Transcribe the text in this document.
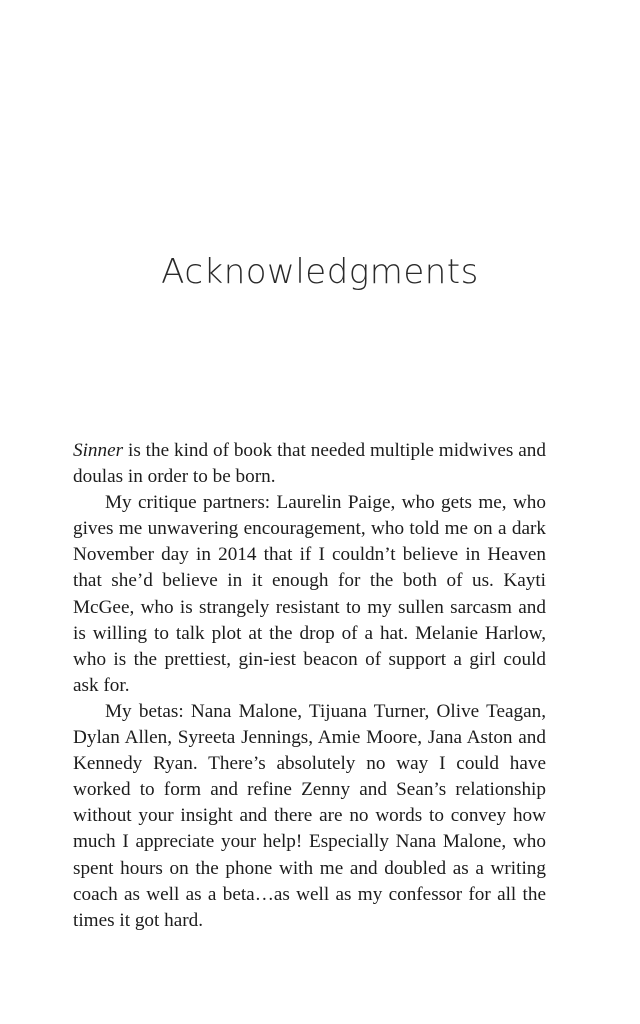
Acknowledgments

Sinner is the kind of book that needed multiple midwives and doulas in order to be born.

My critique partners: Laurelin Paige, who gets me, who gives me unwavering encouragement, who told me on a dark November day in 2014 that if I couldn’t believe in Heaven that she’d believe in it enough for the both of us. Kayti McGee, who is strangely resistant to my sullen sarcasm and is willing to talk plot at the drop of a hat. Melanie Harlow, who is the prettiest, gin-iest beacon of support a girl could ask for.

My betas: Nana Malone, Tijuana Turner, Olive Teagan, Dylan Allen, Syreeta Jennings, Amie Moore, Jana Aston and Kennedy Ryan. There’s absolutely no way I could have worked to form and refine Zenny and Sean’s relationship without your insight and there are no words to convey how much I appreciate your help! Especially Nana Malone, who spent hours on the phone with me and doubled as a writing coach as well as a beta…as well as my confessor for all the times it got hard.
